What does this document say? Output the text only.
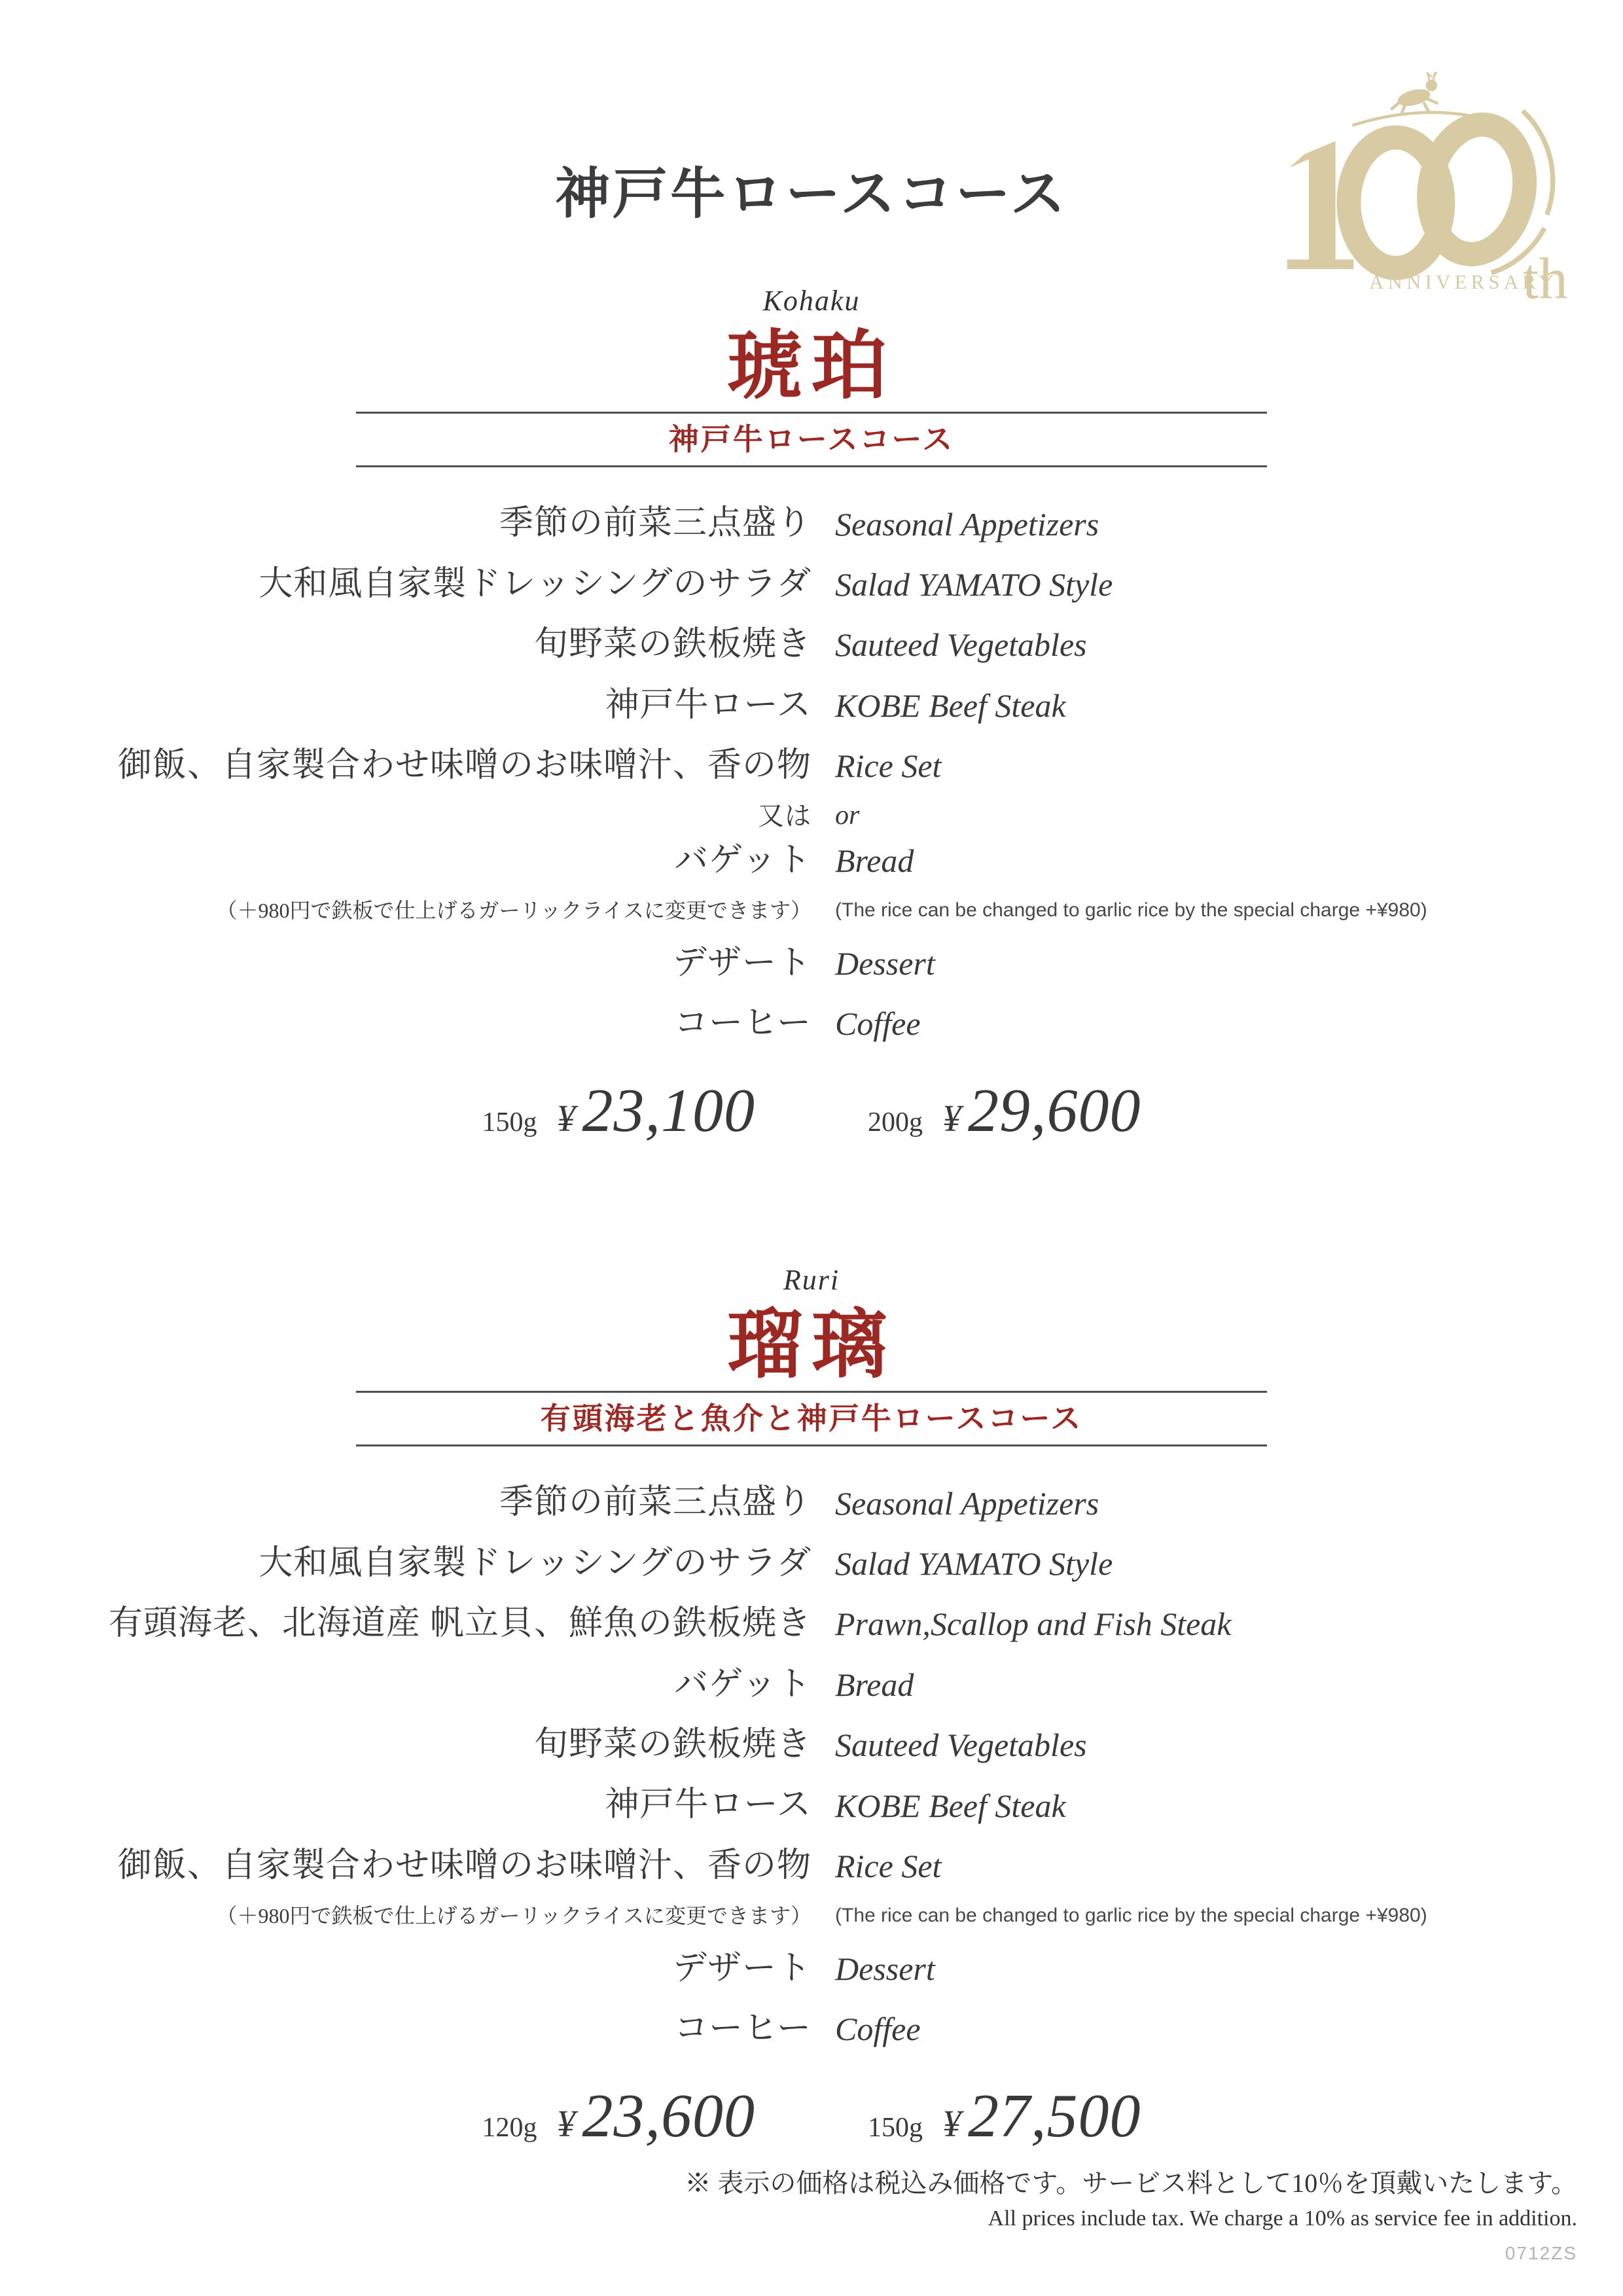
神戸牛ロースコース
ANNIVERSARY
th
Kohaku
琥珀
神戸牛ロースコース
季節の前菜三点盛り Seasonal Appetizers
大和風自家製ドレッシングのサラダ Salad YAMATO Style
旬野菜の鉄板焼き Sauteed Vegetables
神戸牛ロース KOBE Beef Steak
御飯、自家製合わせ味噌のお味噌汁、香の物 Rice Set
又は or
バゲット Bread
（＋980円で鉄板で仕上げるガーリックライスに変更できます） (The rice can be changed to garlic rice by the special charge +¥980)
デザート Dessert
コーヒー Coffee
150g ¥ 23,100	200g ¥ 29,600
Ruri
瑠璃
有頭海老と魚介と神戸牛ロースコース
季節の前菜三点盛り Seasonal Appetizers
大和風自家製ドレッシングのサラダ Salad YAMATO Style
有頭海老、北海道産 帆立貝、鮮魚の鉄板焼き Prawn,Scallop and Fish Steak
バゲット Bread
旬野菜の鉄板焼き Sauteed Vegetables
神戸牛ロース KOBE Beef Steak
御飯、自家製合わせ味噌のお味噌汁、香の物 Rice Set
（＋980円で鉄板で仕上げるガーリックライスに変更できます） (The rice can be changed to garlic rice by the special charge +¥980)
デザート Dessert
コーヒー Coffee
120g ¥ 23,600	150g ¥ 27,500
※ 表示の価格は税込み価格です。サービス料として10％を頂戴いたします。
All prices include tax. We charge a 10% as service fee in addition.
0712ZS
